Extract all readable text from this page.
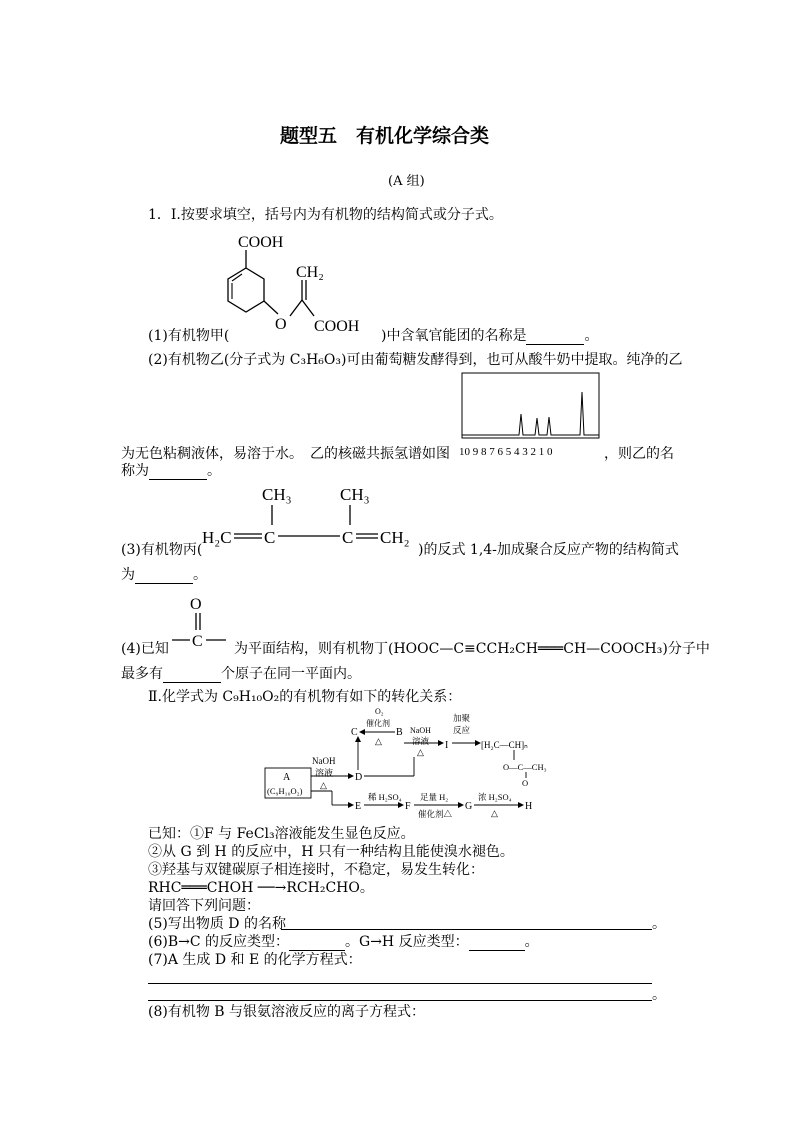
题型五　有机化学综合类
(A 组)
1．Ⅰ.按要求填空，括号内为有机物的结构简式或分子式。
COOH
O
CH₂
COOH
(1)有机物甲(	)中含氧官能团的名称是	。
(2)有机物乙(分子式为 C₃H₆O₃)可由葡萄糖发酵得到，也可从酸牛奶中提取。纯净的乙
10 9 8 7 6 5 4 3 2 1 0
为无色粘稠液体，易溶于水。　乙的核磁共振氢谱如图	，则乙的名
称为	。
CH₃	CH₃
H₂C C	C CH₂
(3)有机物丙(	)的反式 1,4-加成聚合反应产物的结构简式
为	。
O
C
(4)已知	为平面结构，则有机物丁(HOOC—C≡CCH₂CH═══CH—COOCH₃)分子中
最多有	个原子在同一平面内。
Ⅱ.化学式为 C₉H₁₀O₂的有机物有如下的转化关系：
A
(C₉H₁₀O₂)
NaOH
溶液
△
D
C
O₂
催化剂
△
B NaOH
溶液
△
I
加聚
反应
[H₂C—CH]ₙ
O—C—CH₃
O
E
稀 H₂SO₄
F
足量 H₂
催化剂△
G
浓 H₂SO₄
△
H
已知：①F 与 FeCl₃溶液能发生显色反应。
②从 G 到 H 的反应中，H 只有一种结构且能使溴水褪色。
③羟基与双键碳原子相连接时，不稳定，易发生转化：
RHC═══CHOH ──→RCH₂CHO。
请回答下列问题：
(5)写出物质 D 的名称	。
(6)B→C 的反应类型：	。G→H 反应类型：	。
(7)A 生成 D 和 E 的化学方程式：
。
(8)有机物 B 与银氨溶液反应的离子方程式：
